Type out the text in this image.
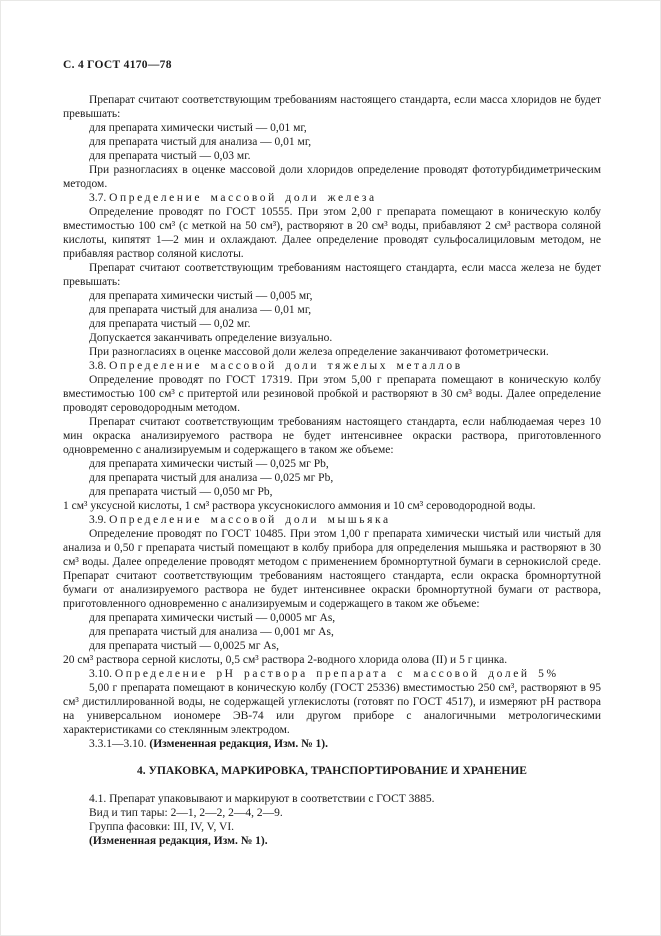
С. 4 ГОСТ 4170—78

Препарат считают соответствующим требованиям настоящего стандарта, если масса хлоридов не будет превышать:

для препарата химически чистый — 0,01 мг,

для препарата чистый для анализа — 0,01 мг,

для препарата чистый — 0,03 мг.

При разногласиях в оценке массовой доли хлоридов определение проводят фототурбидиметрическим методом.

3.7. Определение массовой доли железа

Определение проводят по ГОСТ 10555. При этом 2,00 г препарата помещают в коническую колбу вместимостью 100 см³ (с меткой на 50 см³), растворяют в 20 см³ воды, прибавляют 2 см³ раствора соляной кислоты, кипятят 1—2 мин и охлаждают. Далее определение проводят сульфосалициловым методом, не прибавляя раствор соляной кислоты.

Препарат считают соответствующим требованиям настоящего стандарта, если масса железа не будет превышать:

для препарата химически чистый — 0,005 мг,

для препарата чистый для анализа — 0,01 мг,

для препарата чистый — 0,02 мг.

Допускается заканчивать определение визуально.

При разногласиях в оценке массовой доли железа определение заканчивают фотометрически.

3.8. Определение массовой доли тяжелых металлов

Определение проводят по ГОСТ 17319. При этом 5,00 г препарата помещают в коническую колбу вместимостью 100 см³ с притертой или резиновой пробкой и растворяют в 30 см³ воды. Далее определение проводят сероводородным методом.

Препарат считают соответствующим требованиям настоящего стандарта, если наблюдаемая через 10 мин окраска анализируемого раствора не будет интенсивнее окраски раствора, приготовленного одновременно с анализируемым и содержащего в таком же объеме:

для препарата химически чистый — 0,025 мг Pb,

для препарата чистый для анализа — 0,025 мг Pb,

для препарата чистый — 0,050 мг Pb,

1 см³ уксусной кислоты, 1 см³ раствора уксуснокислого аммония и 10 см³ сероводородной воды.

3.9. Определение массовой доли мышьяка

Определение проводят по ГОСТ 10485. При этом 1,00 г препарата химически чистый или чистый для анализа и 0,50 г препарата чистый помещают в колбу прибора для определения мышьяка и растворяют в 30 см³ воды. Далее определение проводят методом с применением бромнортутной бумаги в сернокислой среде. Препарат считают соответствующим требованиям настоящего стандарта, если окраска бромнортутной бумаги от анализируемого раствора не будет интенсивнее окраски бромнортутной бумаги от раствора, приготовленного одновременно с анализируемым и содержащего в таком же объеме:

для препарата химически чистый — 0,0005 мг As,

для препарата чистый для анализа — 0,001 мг As,

для препарата чистый — 0,0025 мг As,

20 см³ раствора серной кислоты, 0,5 см³ раствора 2-водного хлорида олова (II) и 5 г цинка.

3.10. Определение pH раствора препарата с массовой долей 5%

5,00 г препарата помещают в коническую колбу (ГОСТ 25336) вместимостью 250 см³, растворяют в 95 см³ дистиллированной воды, не содержащей углекислоты (готовят по ГОСТ 4517), и измеряют pH раствора на универсальном иономере ЭВ-74 или другом приборе с аналогичными метрологическими характеристиками со стеклянным электродом.

3.3.1—3.10. (Измененная редакция, Изм. № 1).

4. УПАКОВКА, МАРКИРОВКА, ТРАНСПОРТИРОВАНИЕ И ХРАНЕНИЕ

4.1. Препарат упаковывают и маркируют в соответствии с ГОСТ 3885.

Вид и тип тары: 2—1, 2—2, 2—4, 2—9.

Группа фасовки: III, IV, V, VI.

(Измененная редакция, Изм. № 1).
